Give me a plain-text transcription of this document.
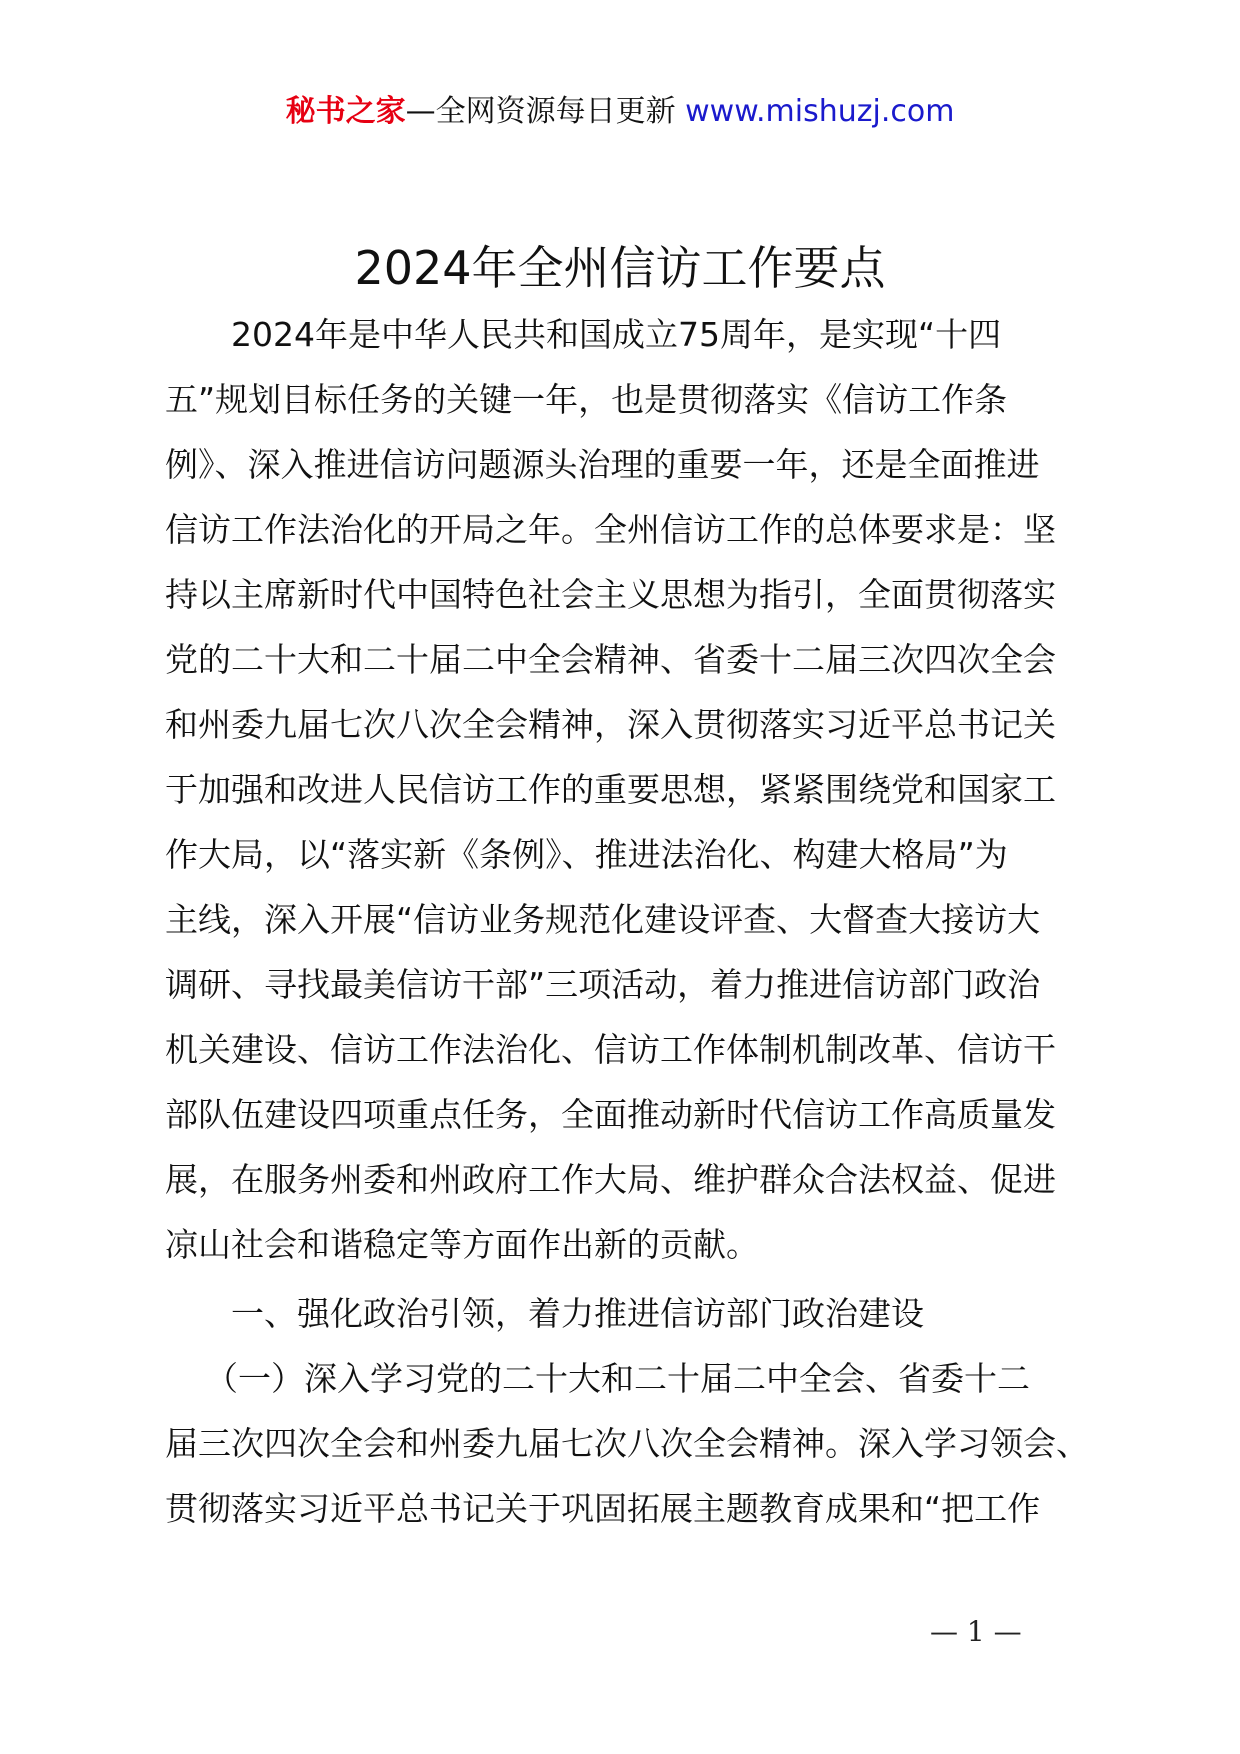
秘书之家—全网资源每日更新 www.mishuzj.com
2024年全州信访工作要点
2024年是中华人民共和国成立75周年，是实现“十四
五”规划目标任务的关键一年，也是贯彻落实《信访工作条
例》、深入推进信访问题源头治理的重要一年，还是全面推进
信访工作法治化的开局之年。全州信访工作的总体要求是：坚
持以主席新时代中国特色社会主义思想为指引，全面贯彻落实
党的二十大和二十届二中全会精神、省委十二届三次四次全会
和州委九届七次八次全会精神，深入贯彻落实习近平总书记关
于加强和改进人民信访工作的重要思想，紧紧围绕党和国家工
作大局，以“落实新《条例》、推进法治化、构建大格局”为
主线，深入开展“信访业务规范化建设评查、大督查大接访大
调研、寻找最美信访干部”三项活动，着力推进信访部门政治
机关建设、信访工作法治化、信访工作体制机制改革、信访干
部队伍建设四项重点任务，全面推动新时代信访工作高质量发
展，在服务州委和州政府工作大局、维护群众合法权益、促进
凉山社会和谐稳定等方面作出新的贡献。
一、强化政治引领，着力推进信访部门政治建设
（一）深入学习党的二十大和二十届二中全会、省委十二
届三次四次全会和州委九届七次八次全会精神。深入学习领会、
贯彻落实习近平总书记关于巩固拓展主题教育成果和“把工作
— 1 —
